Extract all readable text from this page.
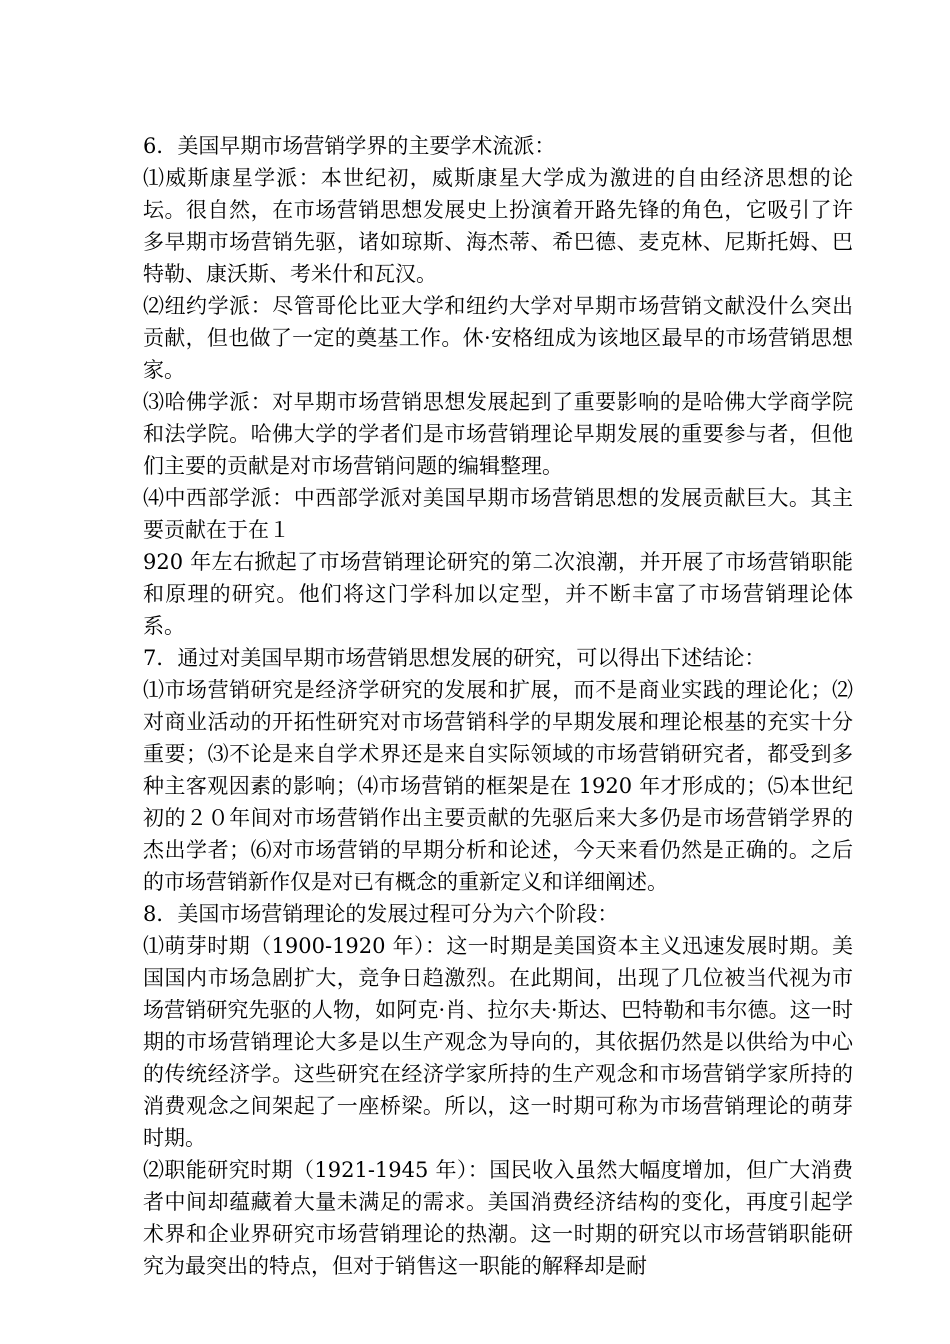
6．美国早期市场营销学界的主要学术流派：

⑴威斯康星学派：本世纪初，威斯康星大学成为激进的自由经济思想的论坛。很自然，在市场营销思想发展史上扮演着开路先锋的角色，它吸引了许多早期市场营销先驱，诸如琼斯、海杰蒂、希巴德、麦克林、尼斯托姆、巴特勒、康沃斯、考米什和瓦汉。

⑵纽约学派：尽管哥伦比亚大学和纽约大学对早期市场营销文献没什么突出贡献，但也做了一定的奠基工作。休·安格纽成为该地区最早的市场营销思想家。

⑶哈佛学派：对早期市场营销思想发展起到了重要影响的是哈佛大学商学院和法学院。哈佛大学的学者们是市场营销理论早期发展的重要参与者，但他们主要的贡献是对市场营销问题的编辑整理。

⑷中西部学派：中西部学派对美国早期市场营销思想的发展贡献巨大。其主要贡献在于在１

920 年左右掀起了市场营销理论研究的第二次浪潮，并开展了市场营销职能和原理的研究。他们将这门学科加以定型，并不断丰富了市场营销理论体系。

7．通过对美国早期市场营销思想发展的研究，可以得出下述结论：

⑴市场营销研究是经济学研究的发展和扩展，而不是商业实践的理论化；⑵对商业活动的开拓性研究对市场营销科学的早期发展和理论根基的充实十分重要；⑶不论是来自学术界还是来自实际领域的市场营销研究者，都受到多种主客观因素的影响；⑷市场营销的框架是在 1920 年才形成的；⑸本世纪初的２０年间对市场营销作出主要贡献的先驱后来大多仍是市场营销学界的杰出学者；⑹对市场营销的早期分析和论述，今天来看仍然是正确的。之后的市场营销新作仅是对已有概念的重新定义和详细阐述。

8．美国市场营销理论的发展过程可分为六个阶段：

⑴萌芽时期（1900-1920 年）：这一时期是美国资本主义迅速发展时期。美国国内市场急剧扩大，竞争日趋激烈。在此期间，出现了几位被当代视为市场营销研究先驱的人物，如阿克·肖、拉尔夫·斯达、巴特勒和韦尔德。这一时期的市场营销理论大多是以生产观念为导向的，其依据仍然是以供给为中心的传统经济学。这些研究在经济学家所持的生产观念和市场营销学家所持的消费观念之间架起了一座桥梁。所以，这一时期可称为市场营销理论的萌芽时期。

⑵职能研究时期（1921-1945 年）：国民收入虽然大幅度增加，但广大消费者中间却蕴藏着大量未满足的需求。美国消费经济结构的变化，再度引起学术界和企业界研究市场营销理论的热潮。这一时期的研究以市场营销职能研究为最突出的特点，但对于销售这一职能的解释却是耐
